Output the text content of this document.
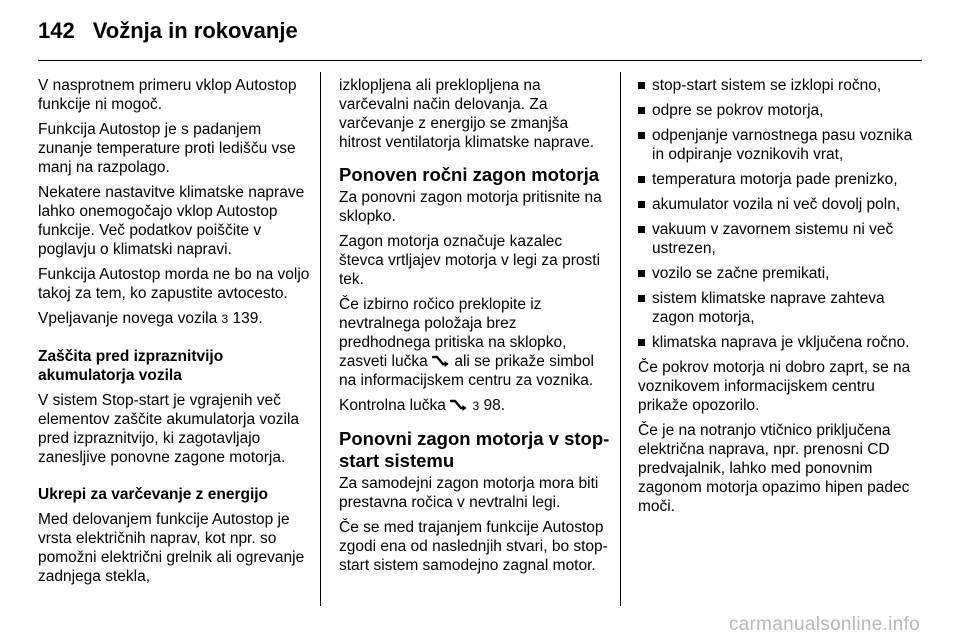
142 Vožnja in rokovanje

V nasprotnem primeru vklop Autostop funkcije ni mogoč.

Funkcija Autostop je s padanjem zunanje temperature proti ledišču vse manj na razpolago.

Nekatere nastavitve klimatske naprave lahko onemogočajo vklop Autostop funkcije. Več podatkov poiščite v poglavju o klimatski napravi.

Funkcija Autostop morda ne bo na voljo takoj za tem, ko zapustite avtocesto.

Vpeljavanje novega vozila 3 139.

Zaščita pred izpraznitvijo akumulatorja vozila

V sistem Stop-start je vgrajenih več elementov zaščite akumulatorja vozila pred izpraznitvijo, ki zagotavljajo zanesljive ponovne zagone motorja.

Ukrepi za varčevanje z energijo

Med delovanjem funkcije Autostop je vrsta električnih naprav, kot npr. so pomožni električni grelnik ali ogrevanje zadnjega stekla,

izklopljena ali preklopljena na varčevalni način delovanja. Za varčevanje z energijo se zmanjša hitrost ventilatorja klimatske naprave.

Ponoven ročni zagon motorja

Za ponovni zagon motorja pritisnite na sklopko.

Zagon motorja označuje kazalec števca vrtljajev motorja v legi za prosti tek.

Če izbirno ročico preklopite iz nevtralnega položaja brez predhodnega pritiska na sklopko, zasveti lučka ali se prikaže simbol na informacijskem centru za voznika.

Kontrolna lučka 3 98.

Ponovni zagon motorja v stop-start sistemu

Za samodejni zagon motorja mora biti prestavna ročica v nevtralni legi.

Če se med trajanjem funkcije Autostop zgodi ena od naslednjih stvari, bo stop-start sistem samodejno zagnal motor.

stop-start sistem se izklopi ročno,
odpre se pokrov motorja,
odpenjanje varnostnega pasu voznika in odpiranje voznikovih vrat,
temperatura motorja pade prenizko,
akumulator vozila ni več dovolj poln,
vakuum v zavornem sistemu ni več ustrezen,
vozilo se začne premikati,
sistem klimatske naprave zahteva zagon motorja,
klimatska naprava je vključena ročno.

Če pokrov motorja ni dobro zaprt, se na voznikovem informacijskem centru prikaže opozorilo.

Če je na notranjo vtičnico priključena električna naprava, npr. prenosni CD predvajalnik, lahko med ponovnim zagonom motorja opazimo hipen padec moči.

carmanualsonline.info
